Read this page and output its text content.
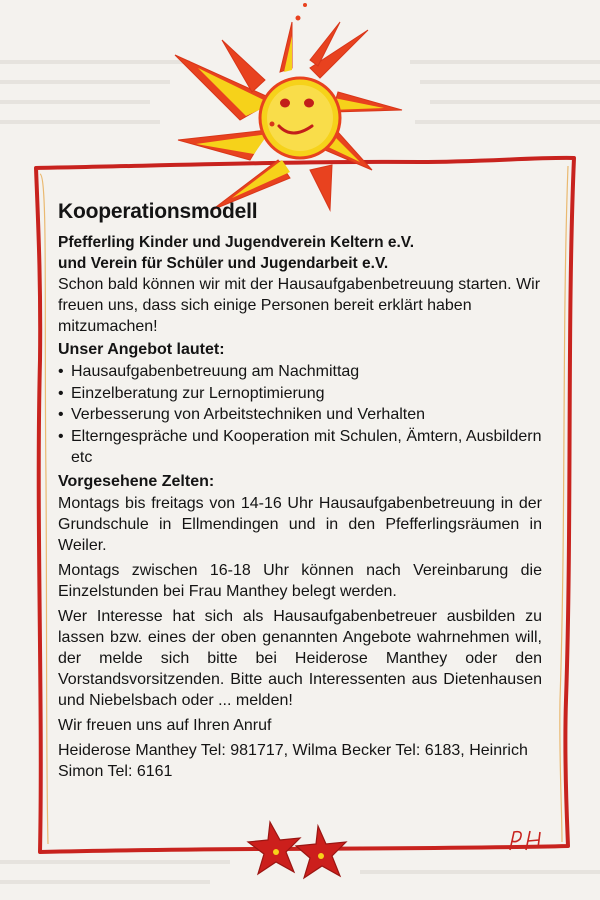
Kooperationsmodell

Pfefferling Kinder und Jugendverein Keltern e.V.

und Verein für Schüler und Jugendarbeit e.V.

Schon bald können wir mit der Hausaufgabenbetreuung starten. Wir freuen uns, dass sich einige Personen bereit erklärt haben mitzumachen!

Unser Angebot lautet:

• Hausaufgabenbetreuung am Nachmittag
• Einzelberatung zur Lernoptimierung
• Verbesserung von Arbeitstechniken und Verhalten
• Elterngespräche und Kooperation mit Schulen, Ämtern, Ausbildern etc

Vorgesehene Zelten:

Montags bis freitags von 14-16 Uhr Hausaufgabenbetreuung in der Grundschule in Ellmendingen und in den Pfefferlingsräumen in Weiler.

Montags zwischen 16-18 Uhr können nach Vereinbarung die Einzelstunden bei Frau Manthey belegt werden.

Wer Interesse hat sich als Hausaufgabenbetreuer ausbilden zu lassen bzw. eines der oben genannten Angebote wahrnehmen will, der melde sich bitte bei Heiderose Manthey oder den Vorstandsvorsitzenden. Bitte auch Interessenten aus Dietenhausen und Niebelsbach oder ... melden!

Wir freuen uns auf Ihren Anruf

Heiderose Manthey Tel: 981717, Wilma Becker Tel: 6183, Heinrich Simon Tel: 6161
